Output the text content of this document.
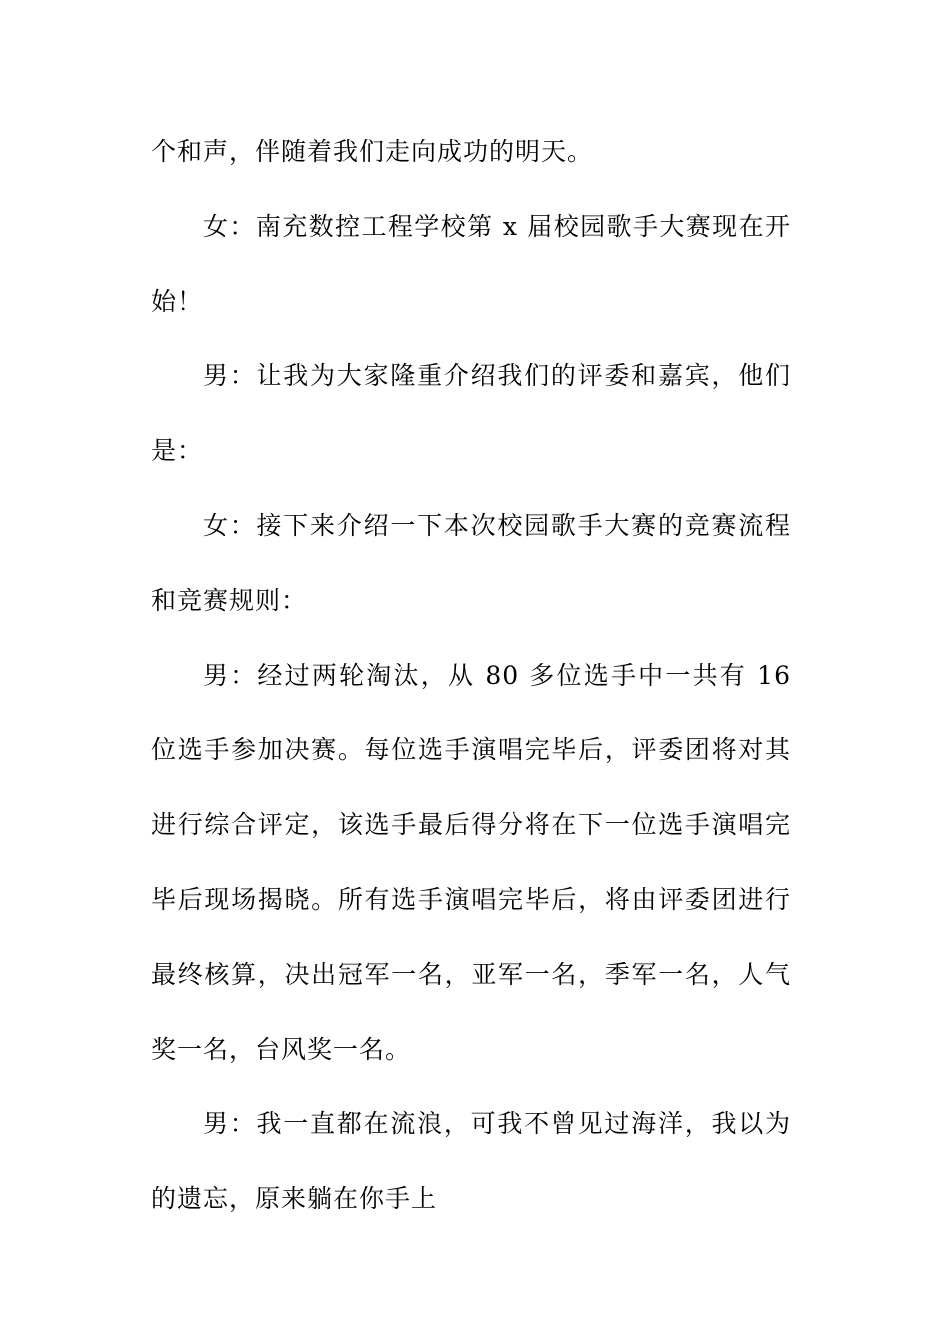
个和声，伴随着我们走向成功的明天。

女：南充数控工程学校第 x 届校园歌手大赛现在开始！

男：让我为大家隆重介绍我们的评委和嘉宾，他们是：

女：接下来介绍一下本次校园歌手大赛的竞赛流程和竞赛规则：

男：经过两轮淘汰，从 80 多位选手中一共有 16 位选手参加决赛。每位选手演唱完毕后，评委团将对其进行综合评定，该选手最后得分将在下一位选手演唱完毕后现场揭晓。所有选手演唱完毕后，将由评委团进行最终核算，决出冠军一名，亚军一名，季军一名，人气奖一名，台风奖一名。

男：我一直都在流浪，可我不曾见过海洋，我以为的遗忘，原来躺在你手上
